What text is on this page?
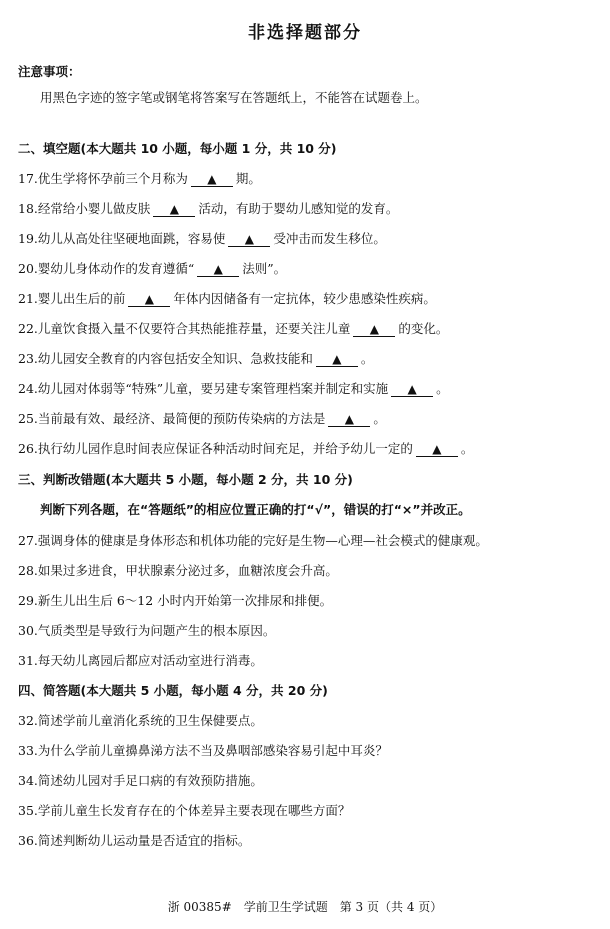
非选择题部分
注意事项：
用黑色字迹的签字笔或钢笔将答案写在答题纸上，不能答在试题卷上。
二、填空题(本大题共 10 小题，每小题 1 分，共 10 分)
17.优生学将怀孕前三个月称为 ▲ 期。
18.经常给小婴儿做皮肤 ▲ 活动，有助于婴幼儿感知觉的发育。
19.幼儿从高处往坚硬地面跳，容易使 ▲ 受冲击而发生移位。
20.婴幼儿身体动作的发育遵循“ ▲ 法则”。
21.婴儿出生后的前 ▲ 年体内因储备有一定抗体，较少患感染性疾病。
22.儿童饮食摄入量不仅要符合其热能推荐量，还要关注儿童 ▲ 的变化。
23.幼儿园安全教育的内容包括安全知识、急救技能和 ▲ 。
24.幼儿园对体弱等“特殊”儿童，要另建专案管理档案并制定和实施 ▲ 。
25.当前最有效、最经济、最简便的预防传染病的方法是 ▲ 。
26.执行幼儿园作息时间表应保证各种活动时间充足，并给予幼儿一定的 ▲ 。
三、判断改错题(本大题共 5 小题，每小题 2 分，共 10 分)
判断下列各题，在“答题纸”的相应位置正确的打“√”，错误的打“×”并改正。
27.强调身体的健康是身体形态和机体功能的完好是生物—心理—社会模式的健康观。
28.如果过多进食，甲状腺素分泌过多，血糖浓度会升高。
29.新生儿出生后 6～12 小时内开始第一次排尿和排便。
30.气质类型是导致行为问题产生的根本原因。
31.每天幼儿离园后都应对活动室进行消毒。
四、简答题(本大题共 5 小题，每小题 4 分，共 20 分)
32.简述学前儿童消化系统的卫生保健要点。
33.为什么学前儿童擤鼻涕方法不当及鼻咽部感染容易引起中耳炎？
34.简述幼儿园对手足口病的有效预防措施。
35.学前儿童生长发育存在的个体差异主要表现在哪些方面？
36.简述判断幼儿运动量是否适宜的指标。
浙 00385#　学前卫生学试题　第 3 页（共 4 页）
